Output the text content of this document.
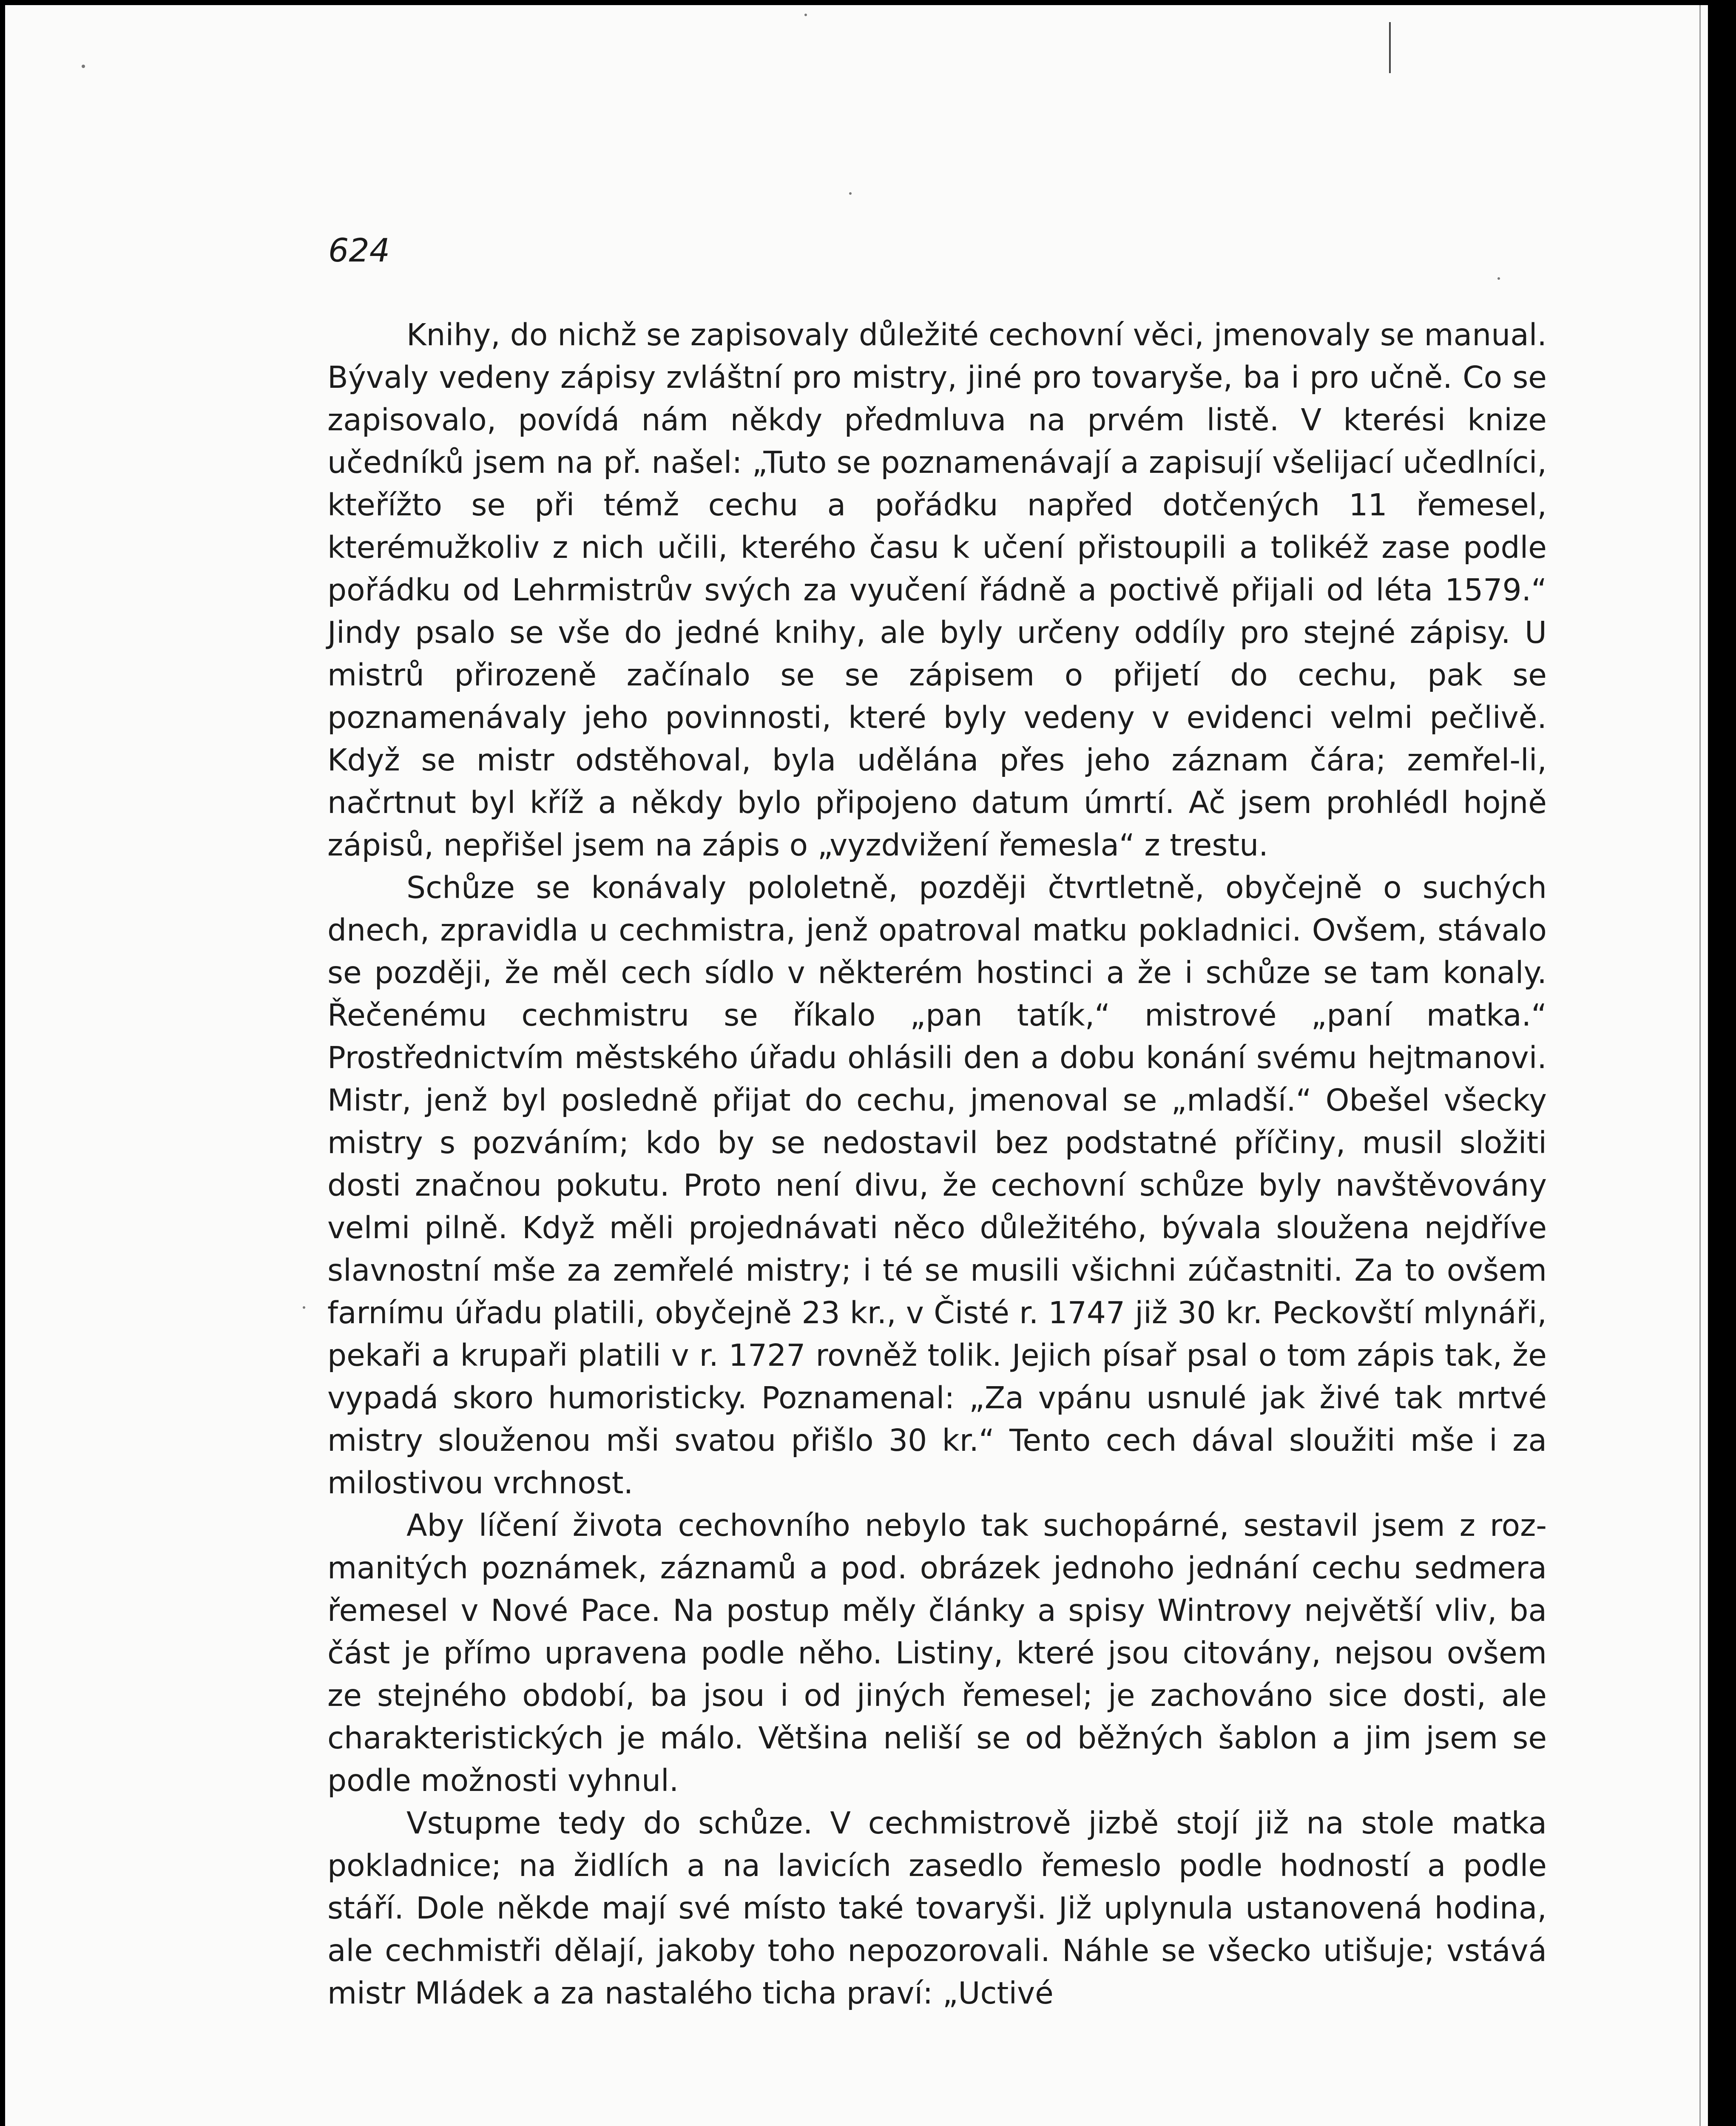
624

Knihy, do nichž se zapisovaly důležité cechovní věci, jmenovaly se manual. Bývaly vedeny zápisy zvláštní pro mistry, jiné pro tovaryše, ba i pro učně. Co se zapisovalo, povídá nám někdy předmluva na prvém listě. V kterési knize učedníků jsem na př. našel: „Tuto se poznamenávají a zapisují všelijací učedlníci, kteřížto se při témž cechu a pořádku napřed dotčených 11 řemesel, kterémužkoliv z nich učili, kterého času k učení přistoupili a tolikéž zase podle pořádku od Lehrmistrův svých za vyučení řádně a poctivě přijali od léta 1579.“ Jindy psalo se vše do jedné knihy, ale byly určeny oddíly pro stejné zápisy. U mistrů přirozeně začínalo se se zápisem o přijetí do cechu, pak se poznamenávaly jeho povinnosti, které byly vedeny v evidenci velmi pečlivě. Když se mistr odstěhoval, byla udělána přes jeho záznam čára; zemřel-li, načrtnut byl kříž a někdy bylo připojeno datum úmrtí. Ač jsem prohlédl hojně zápisů, nepřišel jsem na zápis o „vyzdvižení řemesla“ z trestu.

Schůze se konávaly pololetně, později čtvrtletně, obyčejně o suchých dnech, zpravidla u cechmistra, jenž opatroval matku pokladnici. Ovšem, stávalo se později, že měl cech sídlo v některém hostinci a že i schůze se tam konaly. Řečenému cechmistru se říkalo „pan tatík,“ mistrové „paní matka.“ Prostřednictvím městského úřadu ohlásili den a dobu konání svému hejtmanovi. Mistr, jenž byl posledně přijat do cechu, jmenoval se „mladší.“ Obešel všecky mistry s pozváním; kdo by se nedostavil bez podstatné příčiny, musil složiti dosti značnou pokutu. Proto není divu, že cechovní schůze byly navštěvovány velmi pilně. Když měli projednávati něco důležitého, bývala sloužena nejdříve slavnostní mše za zemřelé mistry; i té se musili všichni zúčastniti. Za to ovšem farnímu úřadu platili, obyčejně 23 kr., v Čisté r. 1747 již 30 kr. Peckovští mlynáři, pekaři a krupaři platili v r. 1727 rovněž tolik. Jejich písař psal o tom zápis tak, že vypadá skoro humoristicky. Poznamenal: „Za vpánu usnulé jak živé tak mrtvé mistry slouženou mši svatou přišlo 30 kr.“ Tento cech dával sloužiti mše i za milostivou vrchnost.

Aby líčení života cechovního nebylo tak suchopárné, sestavil jsem z rozmanitých poznámek, záznamů a pod. obrázek jednoho jednání cechu sedmera řemesel v Nové Pace. Na postup měly články a spisy Wintrovy největší vliv, ba část je přímo upravena podle něho. Listiny, které jsou citovány, nejsou ovšem ze stejného období, ba jsou i od jiných řemesel; je zachováno sice dosti, ale charakteristických je málo. Většina neliší se od běžných šablon a jim jsem se podle možnosti vyhnul.

Vstupme tedy do schůze. V cechmistrově jizbě stojí již na stole matka pokladnice; na židlích a na lavicích zasedlo řemeslo podle hodností a podle stáří. Dole někde mají své místo také tovaryši. Již uplynula ustanovená hodina, ale cechmistři dělají, jakoby toho nepozorovali. Náhle se všecko utišuje; vstává mistr Mládek a za nastalého ticha praví: „Uctivé
